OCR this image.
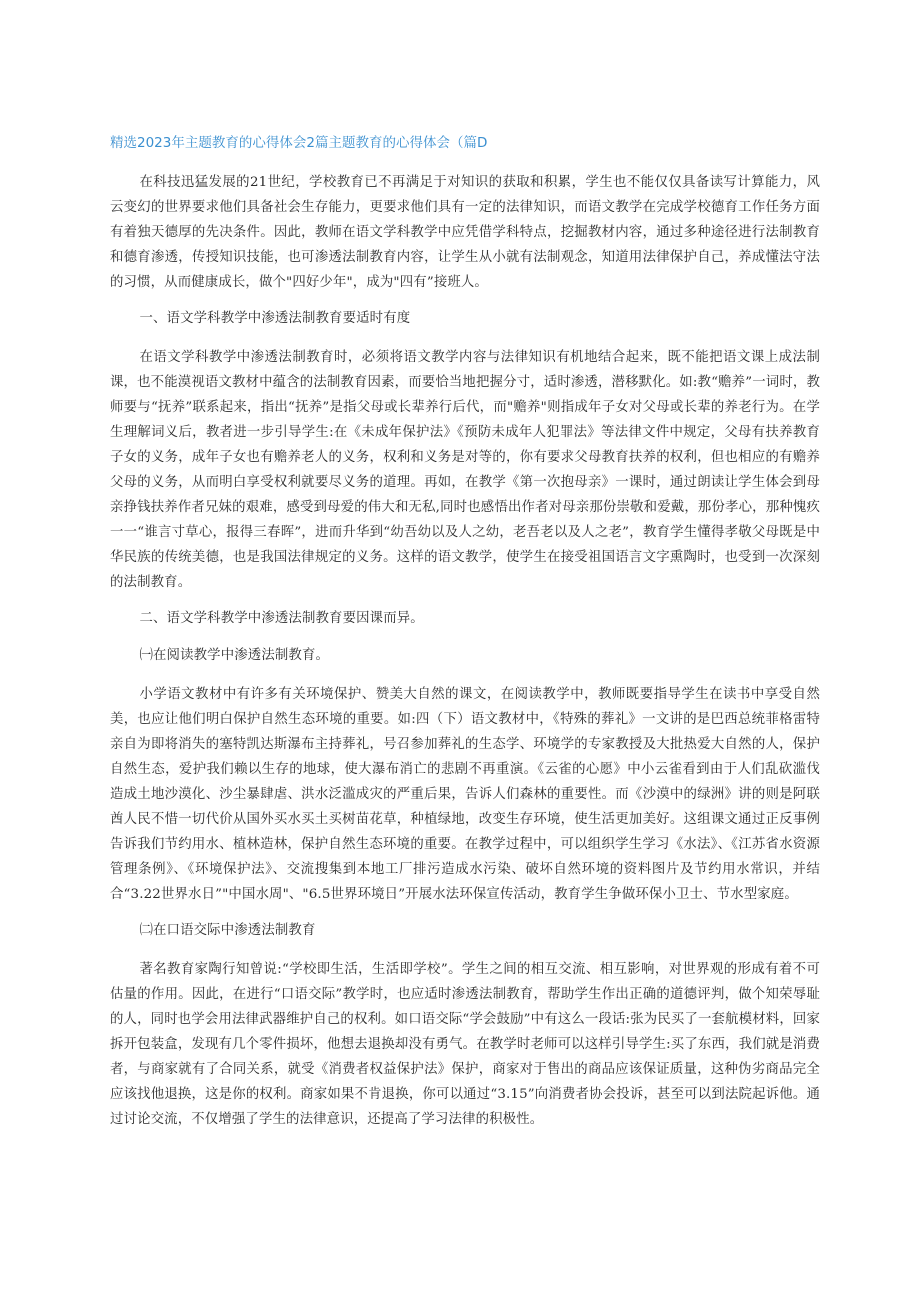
精选2023年主题教育的心得体会2篇主题教育的心得体会（篇D

在科技迅猛发展的21世纪，学校教育已不再满足于对知识的获取和积累，学生也不能仅仅具备读写计算能力，风云变幻的世界要求他们具备社会生存能力，更要求他们具有一定的法律知识，而语文教学在完成学校德育工作任务方面有着独天德厚的先决条件。因此，教师在语文学科教学中应凭借学科特点，挖掘教材内容，通过多种途径进行法制教育和德育渗透，传授知识技能，也可渗透法制教育内容，让学生从小就有法制观念，知道用法律保护自己，养成懂法守法的习惯，从而健康成长，做个"四好少年"，成为"四有”接班人。

一、语文学科教学中渗透法制教育要适时有度

在语文学科教学中渗透法制教育时，必须将语文教学内容与法律知识有机地结合起来，既不能把语文课上成法制课，也不能漠视语文教材中蕴含的法制教育因素，而要恰当地把握分寸，适时渗透，潜移默化。如:教“赡养”一词时，教师要与“抚养”联系起来，指出“抚养”是指父母或长辈养行后代，而"赡养"则指成年子女对父母或长辈的养老行为。在学生理解词义后，教者进一步引导学生:在《未成年保护法》《预防未成年人犯罪法》等法律文件中规定，父母有扶养教育子女的义务，成年子女也有赡养老人的义务，权利和义务是对等的，你有要求父母教育扶养的权利，但也相应的有赡养父母的义务，从而明白享受权利就要尽义务的道理。再如，在教学《第一次抱母亲》一课时，通过朗读让学生体会到母亲挣钱扶养作者兄妹的艰难，感受到母爱的伟大和无私,同时也感悟出作者对母亲那份崇敬和爱戴，那份孝心，那种愧疚一一“谁言寸草心，报得三春晖”，进而升华到“幼吾幼以及人之幼，老吾老以及人之老”，教育学生懂得孝敬父母既是中华民族的传统美德，也是我国法律规定的义务。这样的语文教学，使学生在接受祖国语言文字熏陶时，也受到一次深刻的法制教育。

二、语文学科教学中渗透法制教育要因课而异。

㈠在阅读教学中渗透法制教育。

小学语文教材中有许多有关环境保护、赞美大自然的课文，在阅读教学中，教师既要指导学生在读书中享受自然美，也应让他们明白保护自然生态环境的重要。如:四（下）语文教材中，《特殊的葬礼》一文讲的是巴西总统菲格雷特亲自为即将消失的塞特凯达斯瀑布主持葬礼，号召参加葬礼的生态学、环境学的专家教授及大批热爱大自然的人，保护自然生态，爱护我们赖以生存的地球，使大瀑布消亡的悲剧不再重演。《云雀的心愿》中小云雀看到由于人们乱砍滥伐造成土地沙漠化、沙尘暴肆虐、洪水泛滥成灾的严重后果，告诉人们森林的重要性。而《沙漠中的绿洲》讲的则是阿联酋人民不惜一切代价从国外买水买土买树苗花草，种植绿地，改变生存环境，使生活更加美好。这组课文通过正反事例告诉我们节约用水、植林造林，保护自然生态环境的重要。在教学过程中，可以组织学生学习《水法》、《江苏省水资源管理条例》、《环境保护法》、交流搜集到本地工厂排污造成水污染、破坏自然环境的资料图片及节约用水常识，并结合“3.22世界水日”"中国水周"、"6.5世界环境日”开展水法环保宣传活动，教育学生争做环保小卫士、节水型家庭。

㈡在口语交际中渗透法制教育

著名教育家陶行知曾说:“学校即生活，生活即学校”。学生之间的相互交流、相互影响，对世界观的形成有着不可估量的作用。因此，在进行“口语交际”教学时，也应适时渗透法制教育，帮助学生作出正确的道德评判，做个知荣辱耻的人，同时也学会用法律武器维护自己的权利。如口语交际“学会鼓励”中有这么一段话:张为民买了一套航模材料，回家拆开包装盒，发现有几个零件损坏，他想去退换却没有勇气。在教学时老师可以这样引导学生:买了东西，我们就是消费者，与商家就有了合同关系，就受《消费者权益保护法》保护，商家对于售出的商品应该保证质量，这种伪劣商品完全应该找他退换，这是你的权利。商家如果不肯退换，你可以通过“3.15”向消费者协会投诉，甚至可以到法院起诉他。通过讨论交流，不仅增强了学生的法律意识，还提高了学习法律的积极性。
